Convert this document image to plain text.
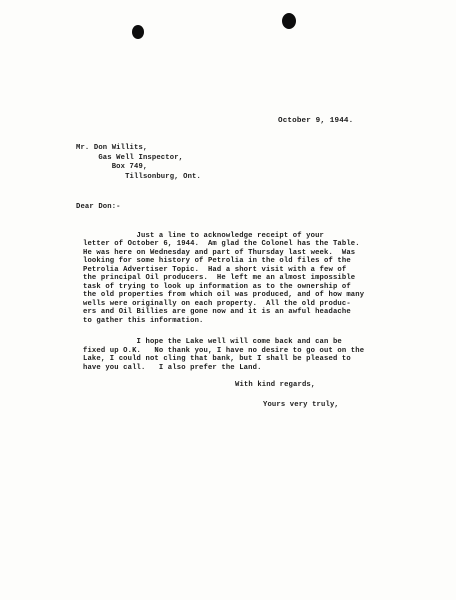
October 9, 1944.
Mr. Don Willits,
Gas Well Inspector,
Box 749,
Tillsonburg, Ont.
Dear Don:-
Just a line to acknowledge receipt of your
letter of October 6, 1944.  Am glad the Colonel has the Table.
He was here on Wednesday and part of Thursday last week.  Was
looking for some history of Petrolia in the old files of the
Petrolia Advertiser Topic.  Had a short visit with a few of
the principal Oil producers.  He left me an almost impossible
task of trying to look up information as to the ownership of
the old properties from which oil was produced, and of how many
wells were originally on each property.  All the old produc-
ers and Oil Billies are gone now and it is an awful headache
to gather this information.
I hope the Lake well will come back and can be
fixed up O.K.   No thank you, I have no desire to go out on the
Lake, I could not cling that bank, but I shall be pleased to
have you call.   I also prefer the Land.
With kind regards,
Yours very truly,
